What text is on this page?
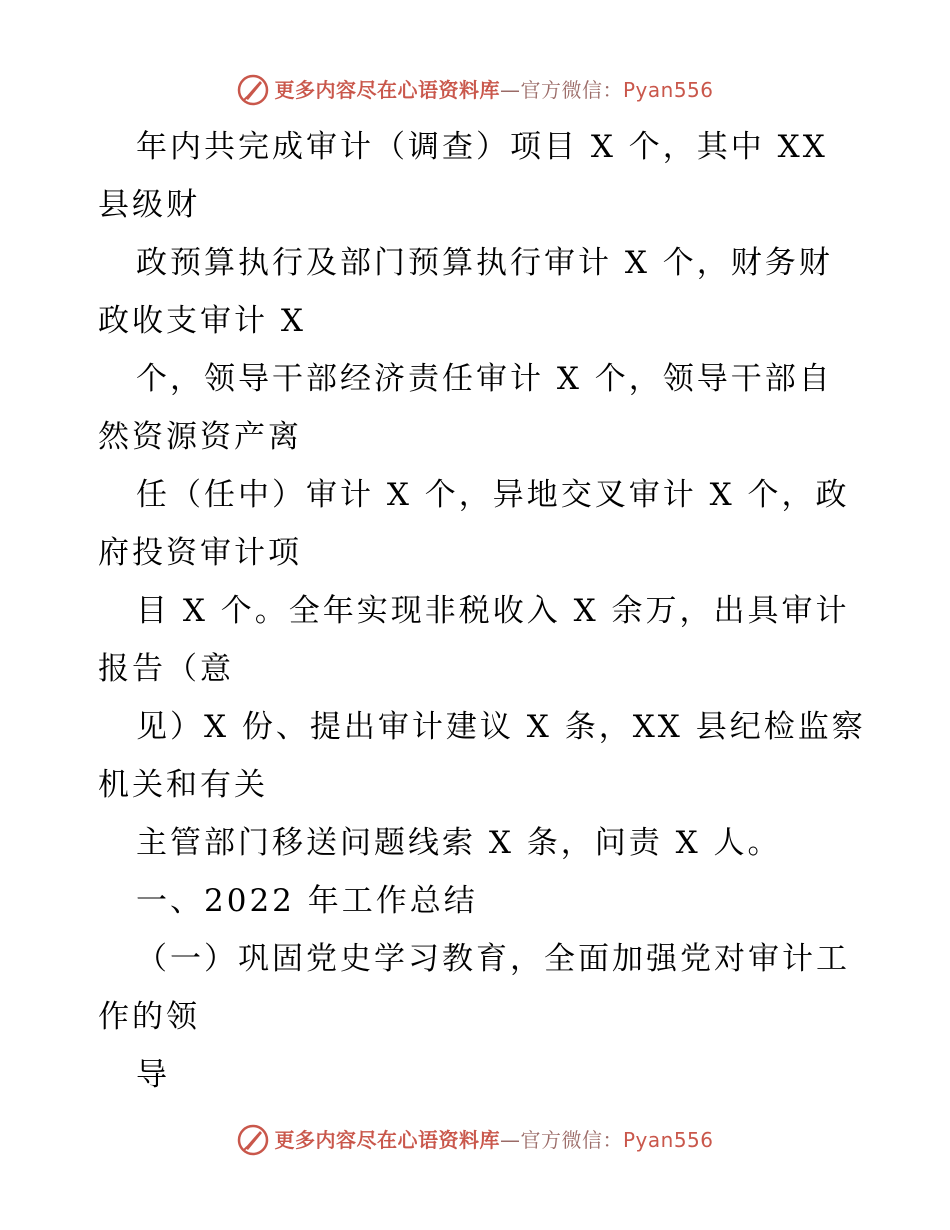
更多内容尽在心语资料库—官方微信：Pyan556
年内共完成审计（调查）项目 X 个，其中 XX
县级财
政预算执行及部门预算执行审计 X 个，财务财
政收支审计 X
个，领导干部经济责任审计 X 个，领导干部自
然资源资产离
任（任中）审计 X 个，异地交叉审计 X 个，政
府投资审计项
目 X 个。全年实现非税收入 X 余万，出具审计
报告（意
见）X 份、提出审计建议 X 条，XX 县纪检监察
机关和有关
主管部门移送问题线索 X 条，问责 X 人。
一、2022 年工作总结
（一）巩固党史学习教育，全面加强党对审计工
作的领
导
更多内容尽在心语资料库—官方微信：Pyan556
